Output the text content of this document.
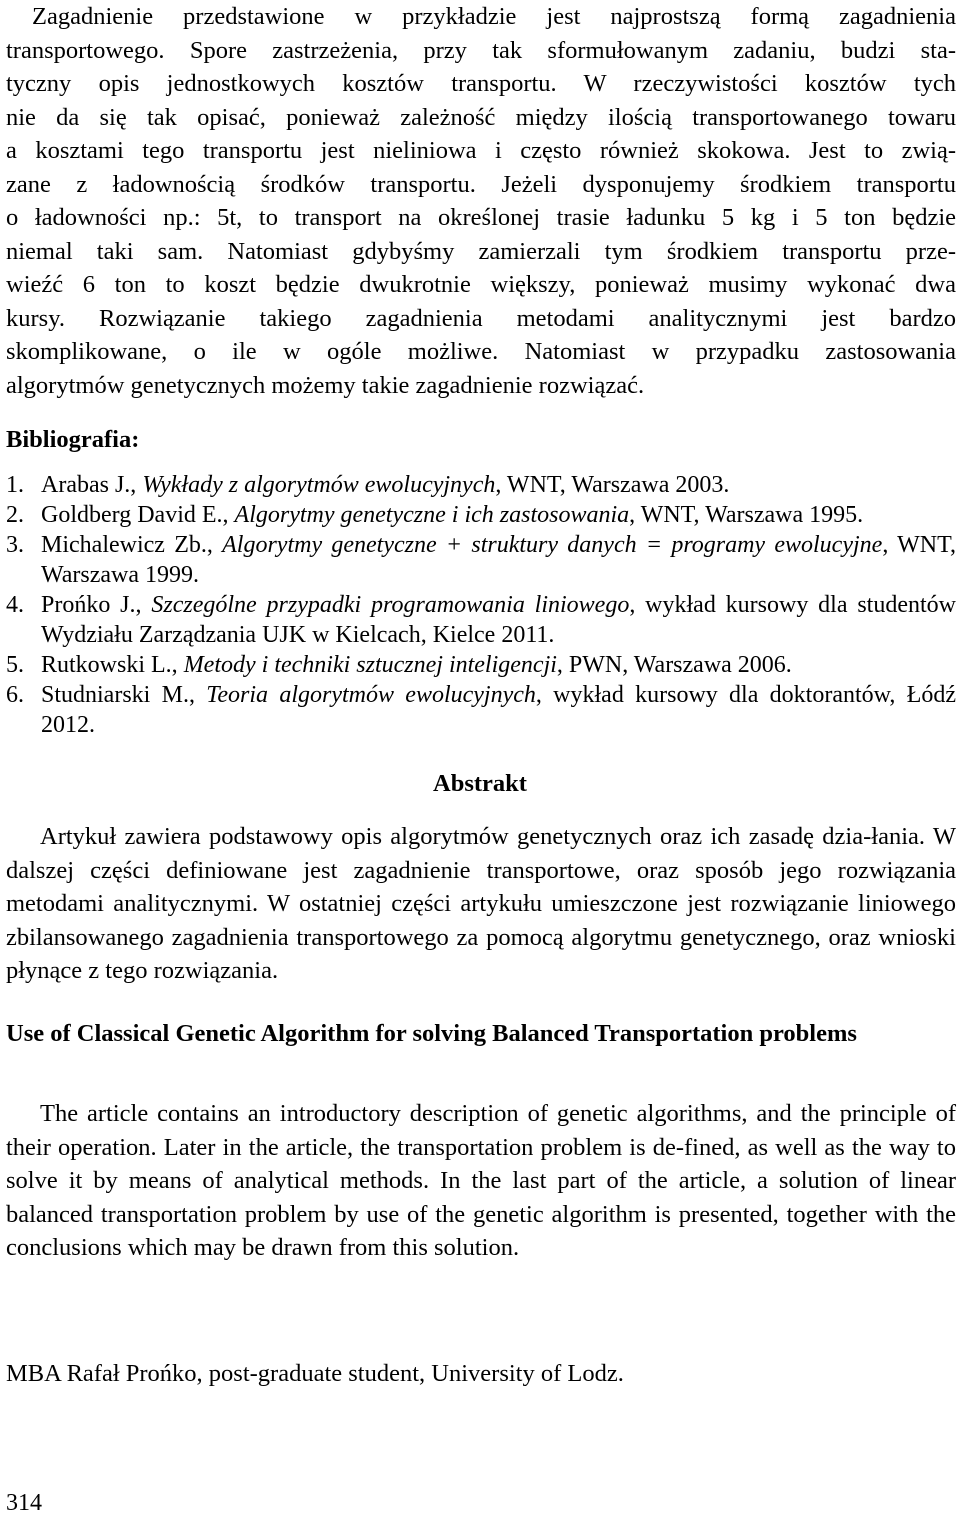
Zagadnienie przedstawione w przykładzie jest najprostszą formą zagadnienia
transportowego. Spore zastrzeżenia, przy tak sformułowanym zadaniu, budzi sta-
tyczny opis jednostkowych kosztów transportu. W rzeczywistości kosztów tych
nie da się tak opisać, ponieważ zależność między ilością transportowanego towaru
a kosztami tego transportu jest nieliniowa i często również skokowa. Jest to zwią-
zane z ładownością środków transportu. Jeżeli dysponujemy środkiem transportu
o ładowności np.: 5t, to transport na określonej trasie ładunku 5 kg i 5 ton będzie
niemal taki sam. Natomiast gdybyśmy zamierzali tym środkiem transportu prze-
wieźć 6 ton to koszt będzie dwukrotnie większy, ponieważ musimy wykonać dwa
kursy. Rozwiązanie takiego zagadnienia metodami analitycznymi jest bardzo
skomplikowane, o ile w ogóle możliwe. Natomiast w przypadku zastosowania
algorytmów genetycznych możemy takie zagadnienie rozwiązać.
Bibliografia:
1. Arabas J., Wykłady z algorytmów ewolucyjnych, WNT, Warszawa 2003.
2. Goldberg David E., Algorytmy genetyczne i ich zastosowania, WNT, Warszawa 1995.
3. Michalewicz Zb., Algorytmy genetyczne + struktury danych = programy ewolucyjne, WNT, Warszawa 1999.
4. Prońko J., Szczególne przypadki programowania liniowego, wykład kursowy dla studentów Wydziału Zarządzania UJK w Kielcach, Kielce 2011.
5. Rutkowski L., Metody i techniki sztucznej inteligencji, PWN, Warszawa 2006.
6. Studniarski M., Teoria algorytmów ewolucyjnych, wykład kursowy dla doktorantów, Łódź 2012.
Abstrakt

Artykuł zawiera podstawowy opis algorytmów genetycznych oraz ich zasadę dzia-łania. W dalszej części definiowane jest zagadnienie transportowe, oraz sposób jego rozwiązania metodami analitycznymi. W ostatniej części artykułu umieszczone jest rozwiązanie liniowego zbilansowanego zagadnienia transportowego za pomocą algorytmu genetycznego, oraz wnioski płynące z tego rozwiązania.

Use of Classical Genetic Algorithm for solving Balanced Transportation problems

The article contains an introductory description of genetic algorithms, and the principle of their operation. Later in the article, the transportation problem is de-fined, as well as the way to solve it by means of analytical methods. In the last part of the article, a solution of linear balanced transportation problem by use of the genetic algorithm is presented, together with the conclusions which may be drawn from this solution.

MBA Rafał Prońko, post-graduate student, University of Lodz.

314
